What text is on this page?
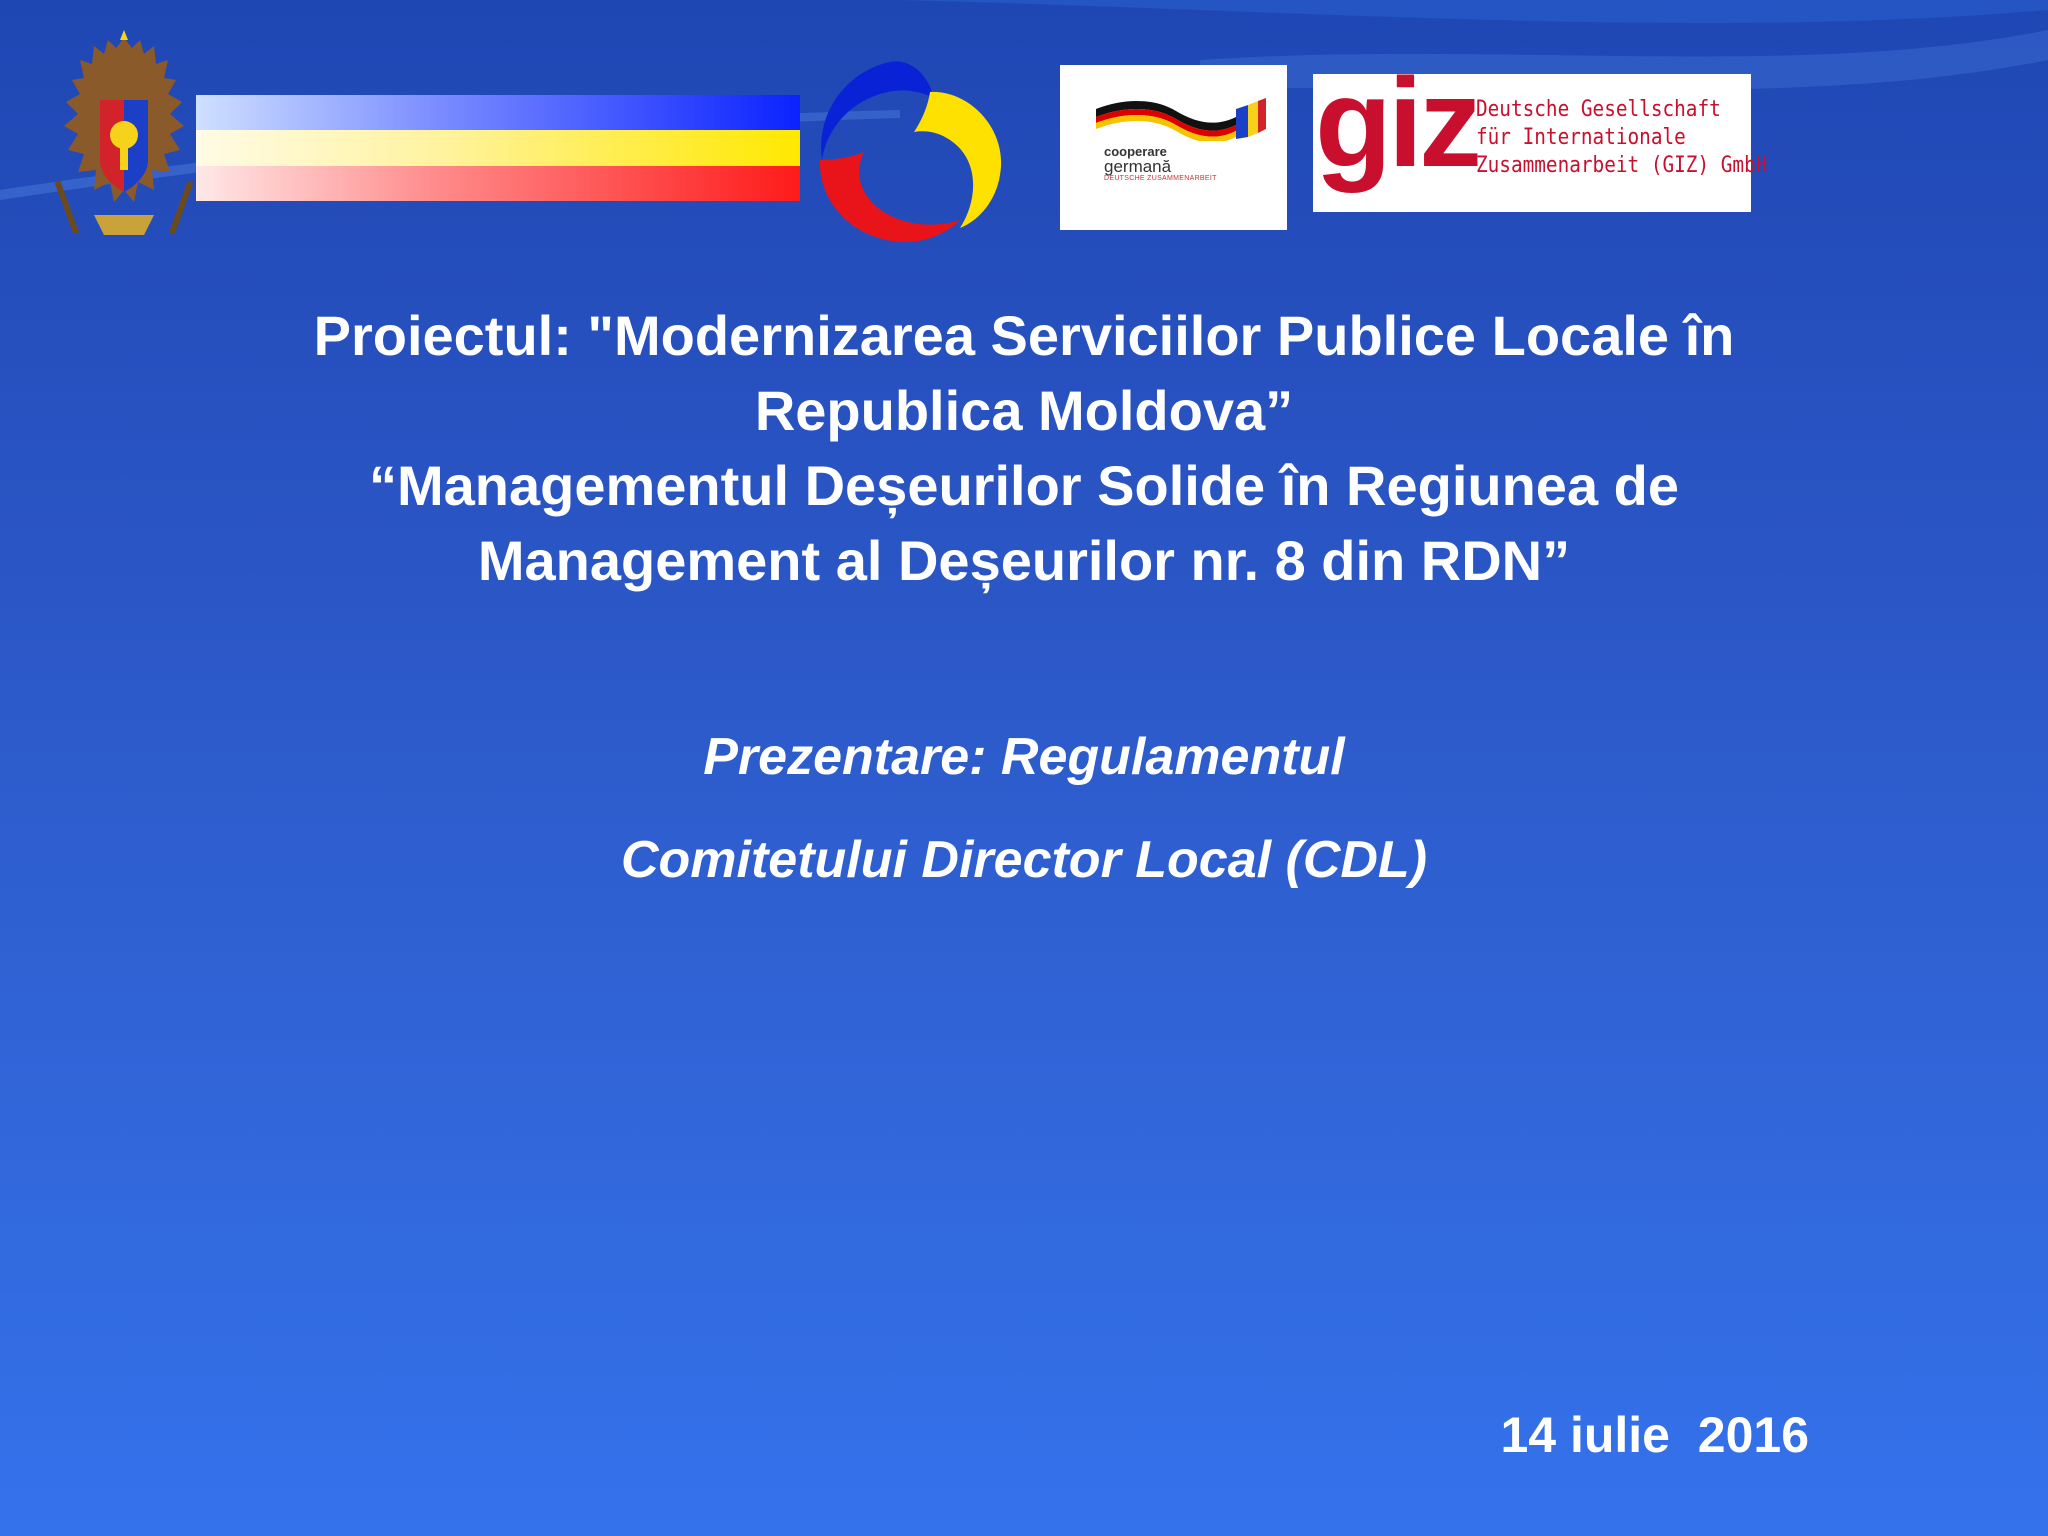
cooperare
germană
DEUTSCHE ZUSAMMENARBEIT giz
Deutsche Gesellschaft
für Internationale
Zusammenarbeit (GIZ) GmbH
Proiectul: "Modernizarea Serviciilor Publice Locale în
Republica Moldova”
“Managementul Deșeurilor Solide în Regiunea de
Management al Deșeurilor nr. 8 din RDN”

Prezentare: Regulamentul

Comitetului Director Local (CDL)

14 iulie  2016
